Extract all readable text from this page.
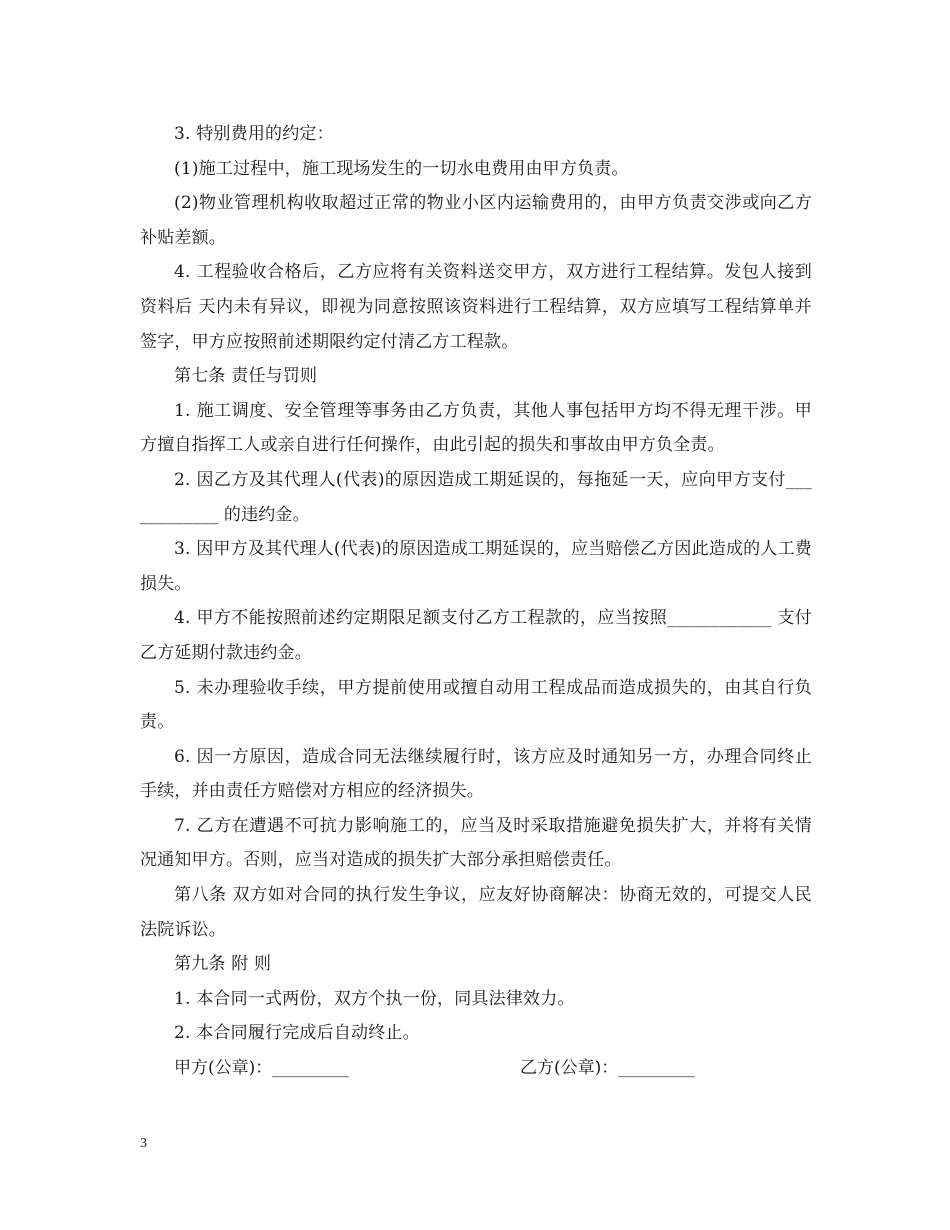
3. 特别费用的约定：

(1)施工过程中，施工现场发生的一切水电费用由甲方负责。

(2)物业管理机构收取超过正常的物业小区内运输费用的，由甲方负责交涉或向乙方补贴差额。

4. 工程验收合格后，乙方应将有关资料送交甲方，双方进行工程结算。发包人接到资料后 天内未有异议，即视为同意按照该资料进行工程结算，双方应填写工程结算单并签字，甲方应按照前述期限约定付清乙方工程款。

第七条 责任与罚则

1. 施工调度、安全管理等事务由乙方负责，其他人事包括甲方均不得无理干涉。甲方擅自指挥工人或亲自进行任何操作，由此引起的损失和事故由甲方负全责。

2. 因乙方及其代理人(代表)的原因造成工期延误的，每拖延一天，应向甲方支付____________ 的违约金。

3. 因甲方及其代理人(代表)的原因造成工期延误的，应当赔偿乙方因此造成的人工费损失。

4. 甲方不能按照前述约定期限足额支付乙方工程款的，应当按照____________ 支付乙方延期付款违约金。

5. 未办理验收手续，甲方提前使用或擅自动用工程成品而造成损失的，由其自行负责。

6. 因一方原因，造成合同无法继续履行时，该方应及时通知另一方，办理合同终止手续，并由责任方赔偿对方相应的经济损失。

7. 乙方在遭遇不可抗力影响施工的，应当及时采取措施避免损失扩大，并将有关情况通知甲方。否则，应当对造成的损失扩大部分承担赔偿责任。

第八条 双方如对合同的执行发生争议，应友好协商解决：协商无效的，可提交人民法院诉讼。

第九条 附 则

1. 本合同一式两份，双方个执一份，同具法律效力。

2. 本合同履行完成后自动终止。

甲方(公章)：_________	乙方(公章)：_________
3
